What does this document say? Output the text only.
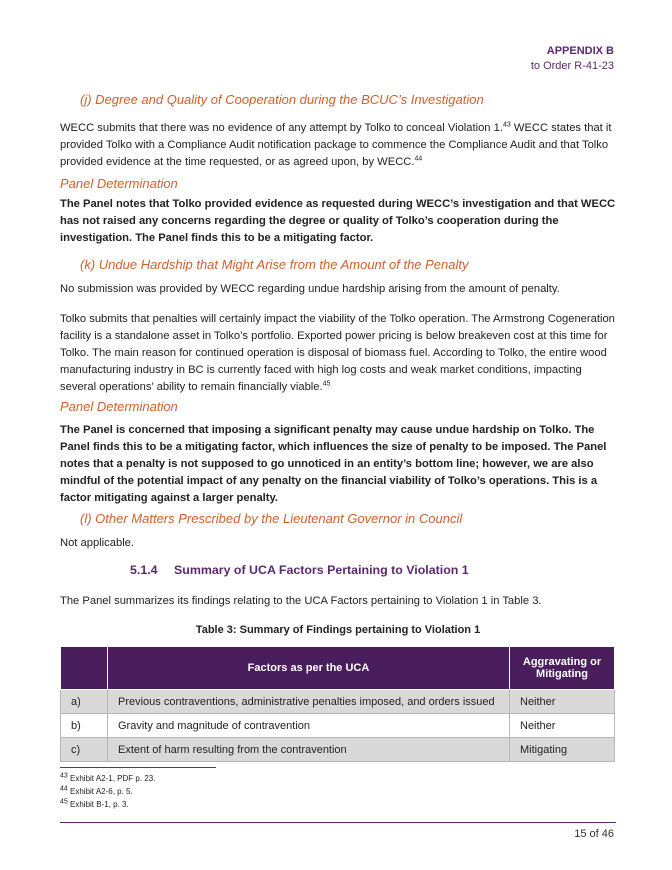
APPENDIX B
to Order R-41-23
(j) Degree and Quality of Cooperation during the BCUC’s Investigation
WECC submits that there was no evidence of any attempt by Tolko to conceal Violation 1.43 WECC states that it provided Tolko with a Compliance Audit notification package to commence the Compliance Audit and that Tolko provided evidence at the time requested, or as agreed upon, by WECC.$^{44}$
Panel Determination
The Panel notes that Tolko provided evidence as requested during WECC’s investigation and that WECC has not raised any concerns regarding the degree or quality of Tolko’s cooperation during the investigation. The Panel finds this to be a mitigating factor.
(k) Undue Hardship that Might Arise from the Amount of the Penalty
No submission was provided by WECC regarding undue hardship arising from the amount of penalty.
Tolko submits that penalties will certainly impact the viability of the Tolko operation. The Armstrong Cogeneration facility is a standalone asset in Tolko’s portfolio. Exported power pricing is below breakeven cost at this time for Tolko. The main reason for continued operation is disposal of biomass fuel. According to Tolko, the entire wood manufacturing industry in BC is currently faced with high log costs and weak market conditions, impacting several operations’ ability to remain financially viable.$^{45}$
Panel Determination
The Panel is concerned that imposing a significant penalty may cause undue hardship on Tolko. The Panel finds this to be a mitigating factor, which influences the size of penalty to be imposed. The Panel notes that a penalty is not supposed to go unnoticed in an entity’s bottom line; however, we are also mindful of the potential impact of any penalty on the financial viability of Tolko’s operations. This is a factor mitigating against a larger penalty.
(l) Other Matters Prescribed by the Lieutenant Governor in Council
Not applicable.
5.1.4 Summary of UCA Factors Pertaining to Violation 1
The Panel summarizes its findings relating to the UCA Factors pertaining to Violation 1 in Table 3.
Table 3: Summary of Findings pertaining to Violation 1
	Factors as per the UCA	Aggravating or Mitigating
a)	Previous contraventions, administrative penalties imposed, and orders issued	Neither
b)	Gravity and magnitude of contravention	Neither
c)	Extent of harm resulting from the contravention	Mitigating
$^{43}$ Exhibit A2-1, PDF p. 23.
$^{44}$ Exhibit A2-6, p. 5.
$^{45}$ Exhibit B-1, p. 3.
15 of 46
